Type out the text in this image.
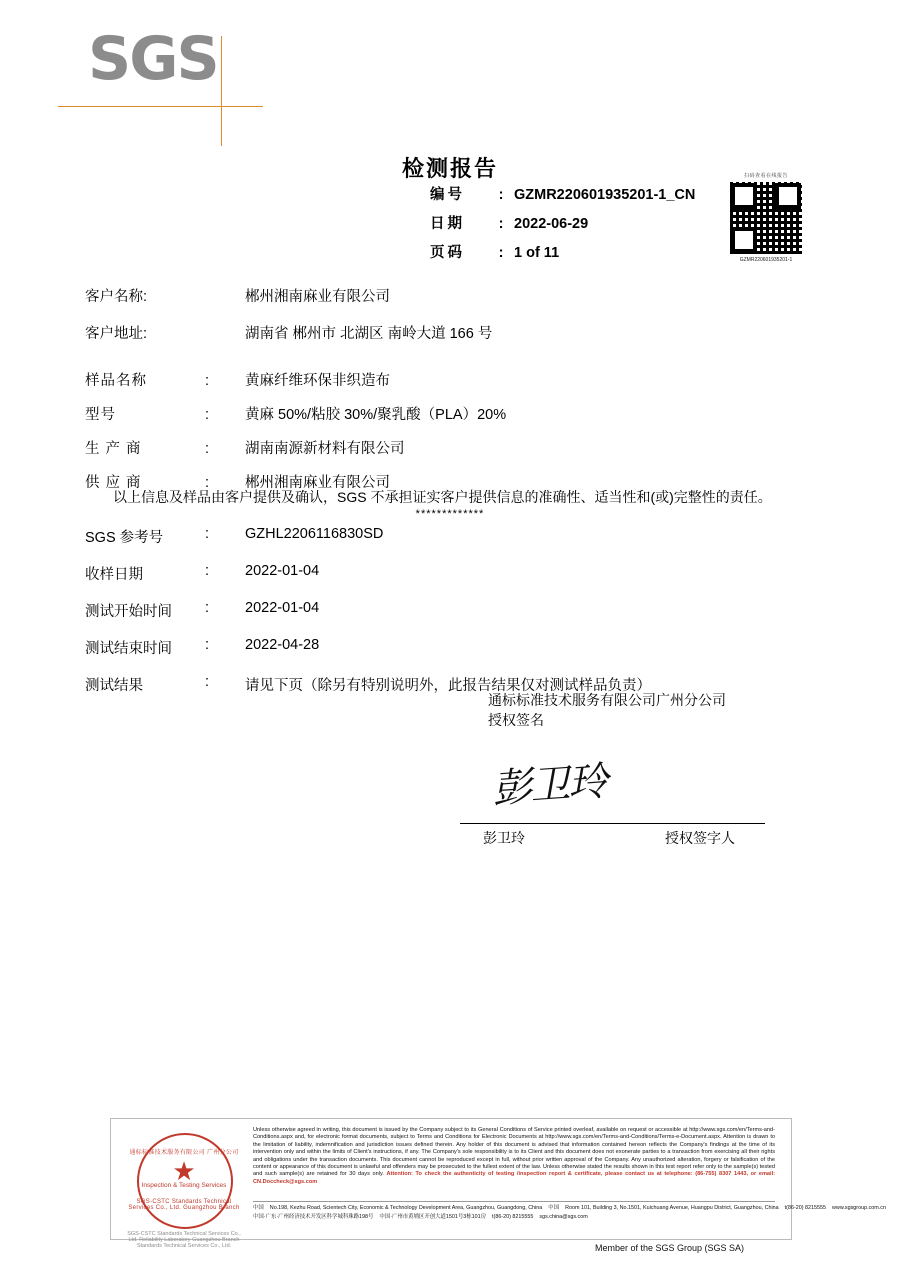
SGS
检测报告
编号	: GZMR220601935201-1_CN
日期	: 2022-06-29
页码	: 1 of 11
扫码查看在线报告
GZMR220601935201-1
客户名称:	郴州湘南麻业有限公司
客户地址:	湖南省 郴州市 北湖区 南岭大道 166 号
样品名称	:	黄麻纤维环保非织造布
型号	:	黄麻 50%/粘胶 30%/聚乳酸（PLA）20%
生 产 商	:	湖南南源新材料有限公司
供 应 商	:	郴州湘南麻业有限公司
以上信息及样品由客户提供及确认，SGS 不承担证实客户提供信息的准确性、适当性和(或)完整性的责任。
*************
SGS 参考号	:	GZHL2206116830SD
收样日期	:	2022-01-04
测试开始时间	:	2022-01-04
测试结束时间	:	2022-04-28
测试结果	:	请见下页（除另有特别说明外，此报告结果仅对测试样品负责）
通标标准技术服务有限公司广州分公司
授权签名
彭卫玲
彭卫玲	授权签字人
通标标准技术服务有限公司 广州分公司
★
Inspection & Testing Services
SGS-CSTC Standards Technical Services Co., Ltd. Guangzhou Branch
SGS-CSTC Standards Technical Services Co., Ltd. Reliability Laboratory Guangzhou Branch Standards Technical Services Co., Ltd.
Unless otherwise agreed in writing, this document is issued by the Company subject to its General Conditions of Service printed overleaf, available on request or accessible at http://www.sgs.com/en/Terms-and-Conditions.aspx and, for electronic format documents, subject to Terms and Conditions for Electronic Documents at http://www.sgs.com/en/Terms-and-Conditions/Terms-e-Document.aspx. Attention is drawn to the limitation of liability, indemnification and jurisdiction issues defined therein. Any holder of this document is advised that information contained hereon reflects the Company's findings at the time of its intervention only and within the limits of Client's instructions, if any. The Company's sole responsibility is to its Client and this document does not exonerate parties to a transaction from exercising all their rights and obligations under the transaction documents. This document cannot be reproduced except in full, without prior written approval of the Company. Any unauthorized alteration, forgery or falsification of the content or appearance of this document is unlawful and offenders may be prosecuted to the fullest extent of the law. Unless otherwise stated the results shown in this test report refer only to the sample(s) tested and such sample(s) are retained for 30 days only. Attention: To check the authenticity of testing /inspection report & certificate, please contact us at telephone: (86-755) 8307 1443, or email: CN.Doccheck@sgs.com
中国 No.198, Kezhu Road, Scientech City, Economic & Technology Development Area, Guangzhou, Guangdong, China 中国 Room 101, Building 3, No.1501, Kuichuang Avenue, Huangpu District, Guangzhou, China t(86-20) 8215555 www.sgsgroup.com.cn
中国·广东·广州经济技术开发区科学城科珠路198号 中国·广州市黄埔区开创大道1501号3栋101房 t(86-20) 8215555 sgs.china@sgs.com
Member of the SGS Group (SGS SA)
